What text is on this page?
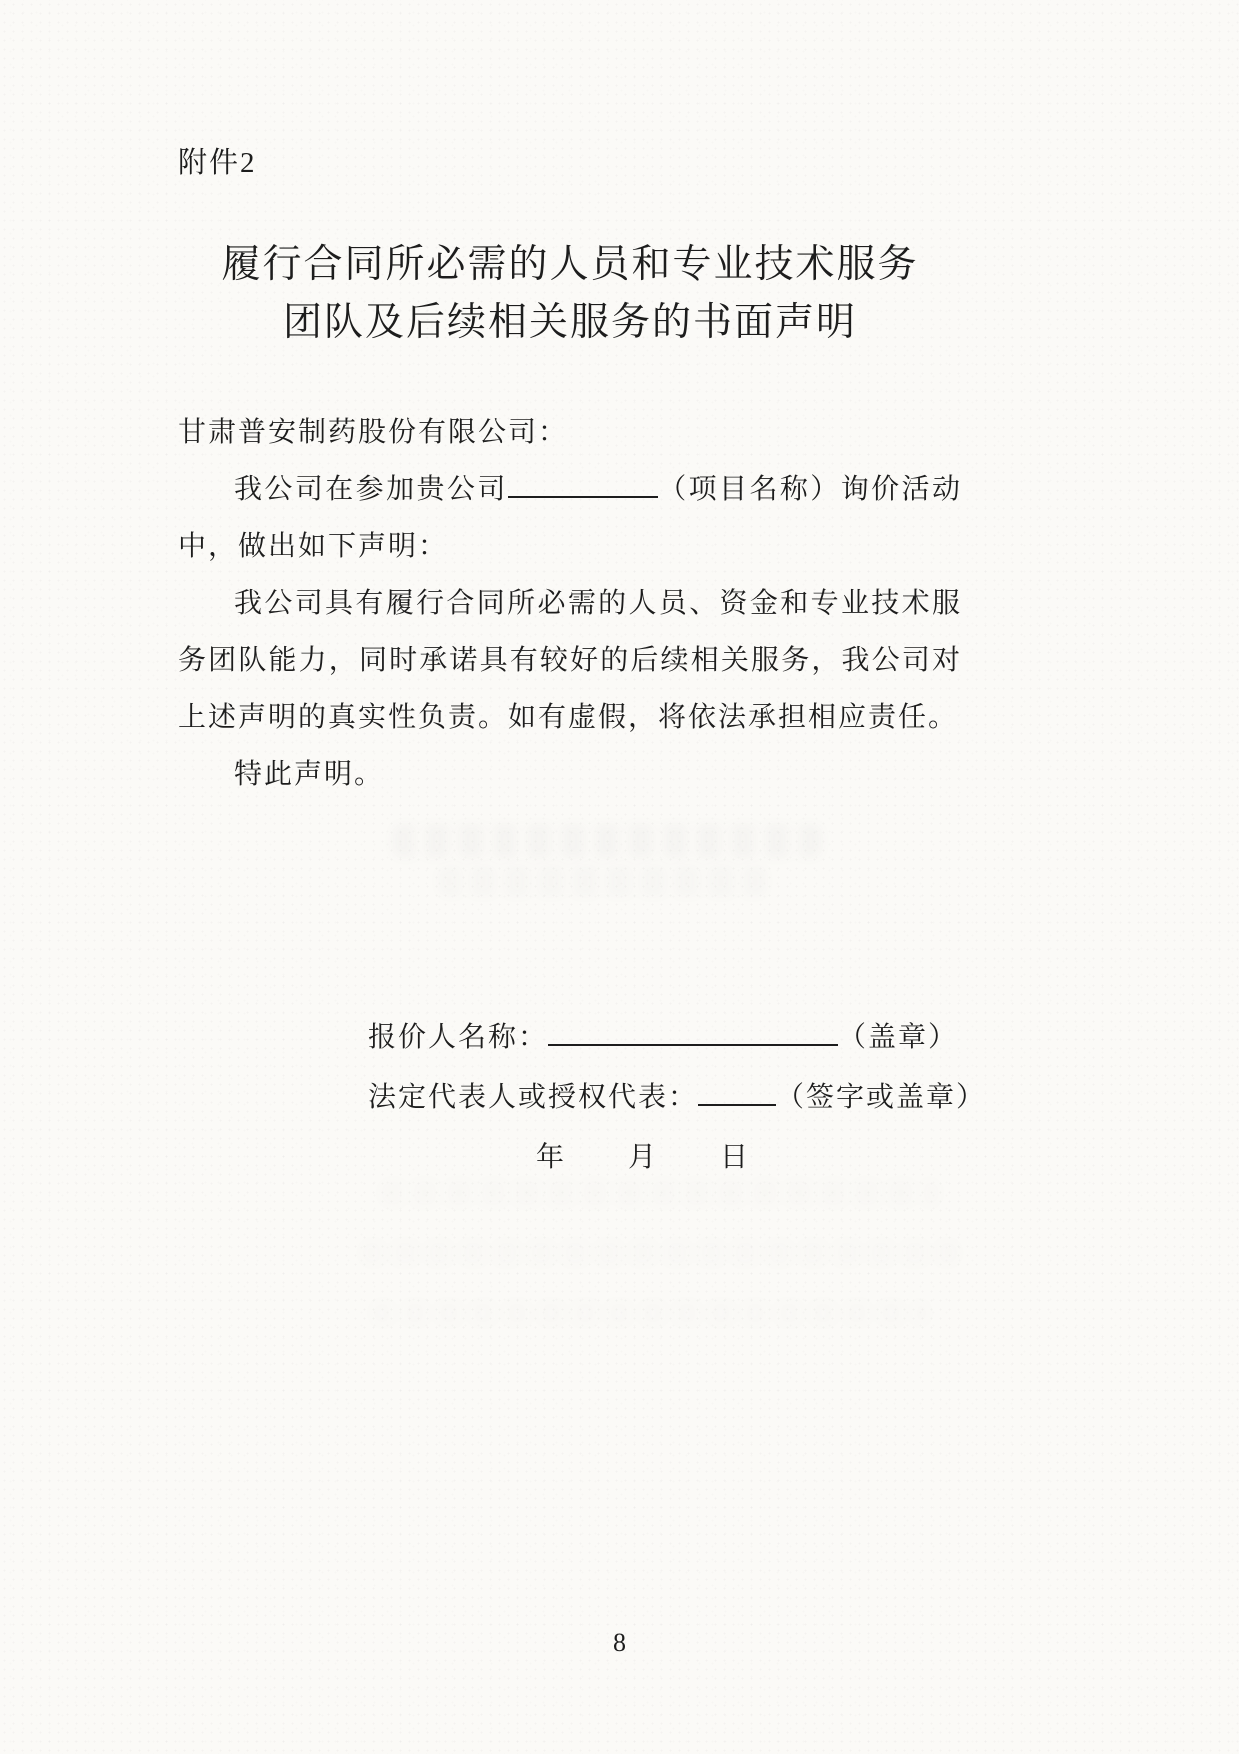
附件2
履行合同所必需的人员和专业技术服务
团队及后续相关服务的书面声明

甘肃普安制药股份有限公司：

我公司在参加贵公司	（项目名称）询价活动中，做出如下声明：

我公司具有履行合同所必需的人员、资金和专业技术服务团队能力，同时承诺具有较好的后续相关服务，我公司对上述声明的真实性负责。如有虚假，将依法承担相应责任。

特此声明。

报价人名称：	（盖章）

法定代表人或授权代表：	（签字或盖章）

年 月 日

8
